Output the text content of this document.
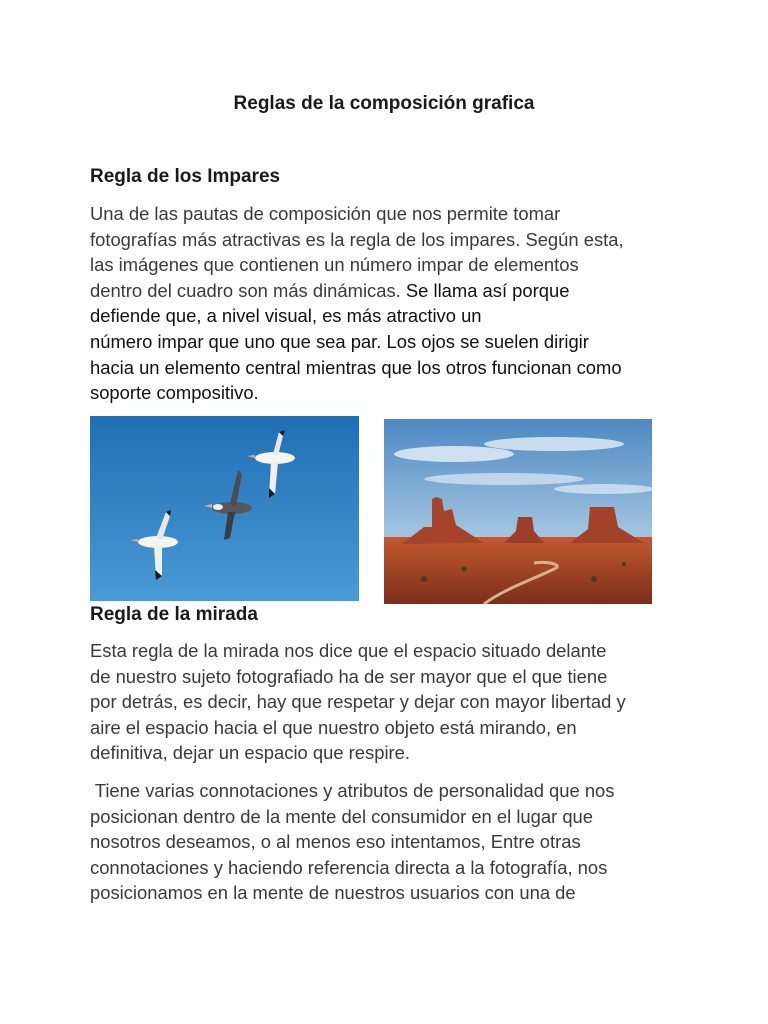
Reglas de la composición grafica
Regla de los Impares
Una de las pautas de composición que nos permite tomar
fotografías más atractivas es la regla de los impares. Según esta,
las imágenes que contienen un número impar de elementos
dentro del cuadro son más dinámicas. Se llama así porque
defiende que, a nivel visual, es más atractivo un
número impar que uno que sea par. Los ojos se suelen dirigir
hacia un elemento central mientras que los otros funcionan como
soporte compositivo.
Regla de la mirada
Esta regla de la mirada nos dice que el espacio situado delante
de nuestro sujeto fotografiado ha de ser mayor que el que tiene
por detrás, es decir, hay que respetar y dejar con mayor libertad y
aire el espacio hacia el que nuestro objeto está mirando, en
definitiva, dejar un espacio que respire.
Tiene varias connotaciones y atributos de personalidad que nos
posicionan dentro de la mente del consumidor en el lugar que
nosotros deseamos, o al menos eso intentamos, Entre otras
connotaciones y haciendo referencia directa a la fotografía, nos
posicionamos en la mente de nuestros usuarios con una de
